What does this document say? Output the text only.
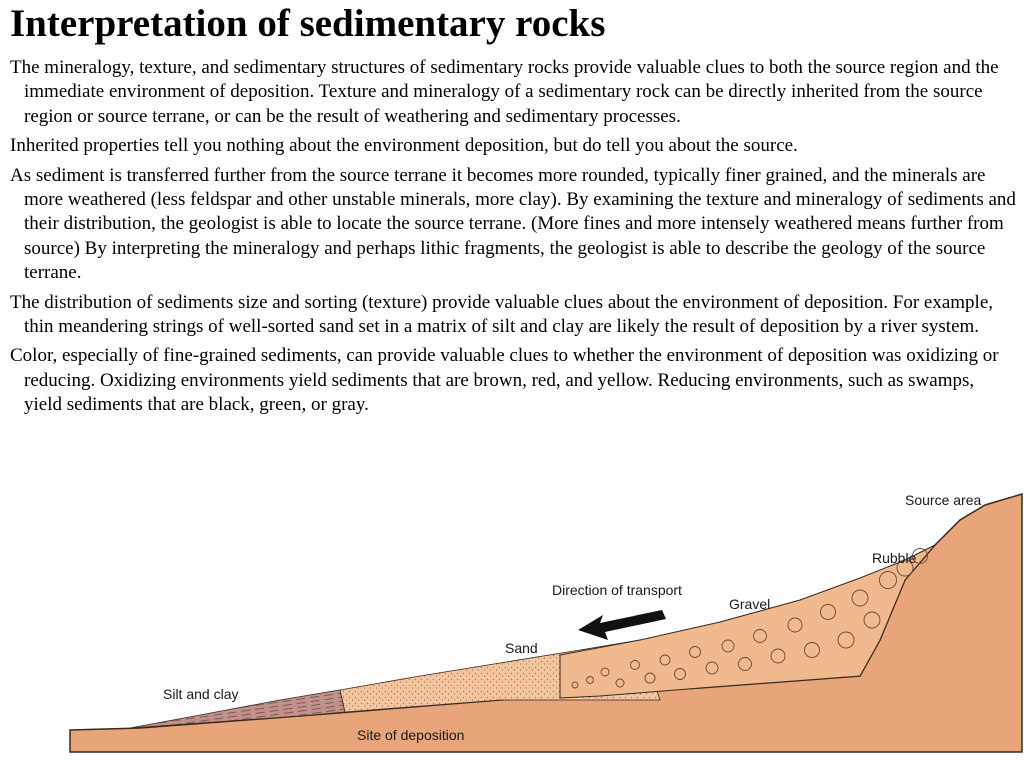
Interpretation of sedimentary rocks

The mineralogy, texture, and sedimentary structures of sedimentary rocks provide valuable clues to both the source region and the immediate environment of deposition. Texture and mineralogy of a sedimentary rock can be directly inherited from the source region or source terrane, or can be the result of weathering and sedimentary processes.

Inherited properties tell you nothing about the environment deposition, but do tell you about the source.

As sediment is transferred further from the source terrane it becomes more rounded, typically finer grained, and the minerals are more weathered (less feldspar and other unstable minerals, more clay). By examining the texture and mineralogy of sediments and their distribution, the geologist is able to locate the source terrane. (More fines and more intensely weathered means further from source) By interpreting the mineralogy and perhaps lithic fragments, the geologist is able to describe the geology of the source terrane.

The distribution of sediments size and sorting (texture) provide valuable clues about the environment of deposition. For example, thin meandering strings of well-sorted sand set in a matrix of silt and clay are likely the result of deposition by a river system.

Color, especially of fine-grained sediments, can provide valuable clues to whether the environment of deposition was oxidizing or reducing. Oxidizing environments yield sediments that are brown, red, and yellow. Reducing environments, such as swamps, yield sediments that are black, green, or gray.

Source area
Rubble
Gravel
Direction of transport
Sand
Silt and clay
Site of deposition
